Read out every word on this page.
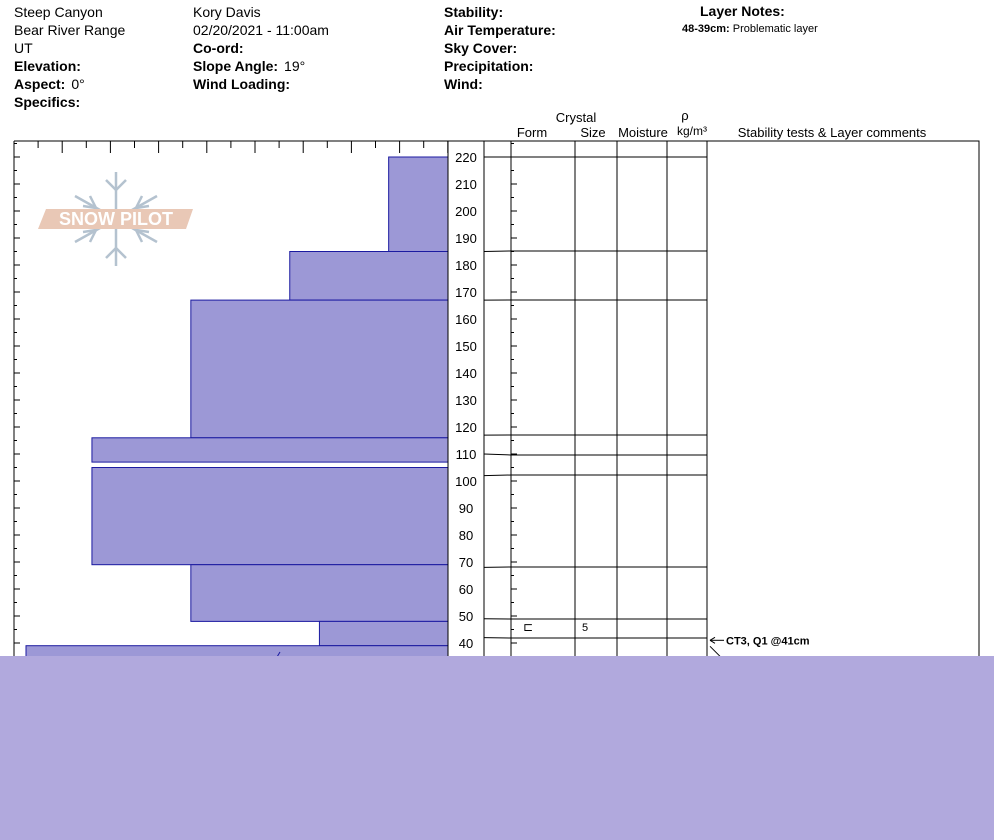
Steep Canyon
Bear River Range
UT
Elevation:
Aspect: 0°
Specifics:
Kory Davis
02/20/2021 - 11:00am
Co-ord:
Slope Angle: 19°
Wind Loading:
Stability:
Air Temperature:
Sky Cover:
Precipitation:
Wind:
Layer Notes:
48-39cm: Problematic layer
SNOW PILOT
40
50
60
70
80
90
100
110
120
130
140
150
160
170
180
190
200
210
220
⊏	5
CT3, Q1 @41cm
Crystal
Form	Size Moisture
ρ
kg/m³ Stability tests & Layer comments
